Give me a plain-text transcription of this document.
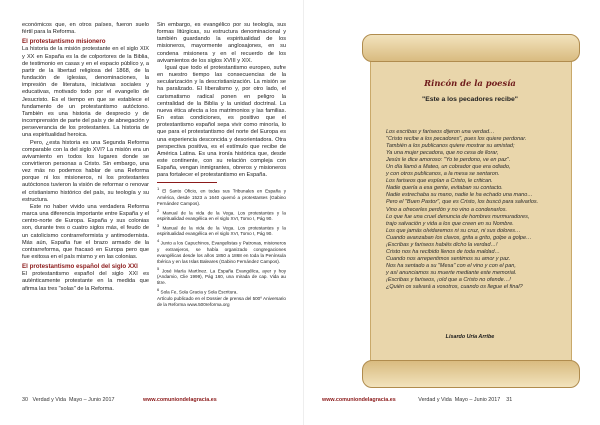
económicos que, en otros países, fueron suelo fértil para la Reforma.

El protestantismo misionero

La historia de la misión protestante en el siglo XIX y XX en España es la de colportores de la Biblia, de testimonio en casas y en el espacio público y, a partir de la libertad religiosa del 1868, de la fundación de iglesias, denominaciones, la impresión de literatura, iniciativas sociales y educativas, motivado todo por el evangelio de Jesucristo. Es el tiempo en que se establece el fundamento de un protestantismo autóctono. También es una historia de desprecio y de incomprensión de parte del país y de abnegación y perseverancia de los protestantes. La historia de una espiritualidad heroica.

Pero, ¿esta historia es una Segunda Reforma comparable con la del siglo XVI? La misión era un avivamiento en todos los lugares donde se convirtieron personas a Cristo. Sin embargo, una vez más no podemos hablar de una Reforma porque ni los misioneros, ni los protestantes autóctonos tuvieron la visión de reformar o renovar el cristianismo histórico del país, su teología y su estructura.

Este no haber vivido una verdadera Reforma marca una diferencia importante entre España y el centro-norte de Europa. España y sus colonias son, durante tres o cuatro siglos más, el feudo de un catolicismo contrarreformista y antimodernista. Más aún, España fue el brazo armado de la contrarreforma, que fracasó en Europa pero que fue exitosa en el país mismo y en las colonias.

El protestantismo español del siglo XXI

El protestantismo español del siglo XXI es auténticamente protestante en la medida que afirma las tres "solas" de la Reforma.

Sin embargo, es evangélico por su teología, sus formas litúrgicas, su estructura denominacional y también guardando la espiritualidad de los misioneros, mayormente anglosajones, en su condena misionera y en el recuerdo de los avivamientos de los siglos XVIII y XIX.

Igual que todo el protestantismo europeo, sufre en nuestro tiempo las consecuencias de la secularización y la descristianización. La misión se ha paralizado. El liberalismo y, por otro lado, el carismatismo radical ponen en peligro la centralidad de la Biblia y la unidad doctrinal. La nueva ética afecta a los matrimonios y las familias. En estas condiciones, es positivo que el protestantismo español sepa vivir como minoría, lo que para el protestantismo del norte del Europa es una experiencia desconcida y desorientadora. Otra perspectiva positiva, es el estímulo que recibe de América Latina. Es una ironía histórica que, desde este continente, con su relación compleja con España, vengan inmigrantes, obreros y misioneros para fortalecer el protestantismo en España.

$^1$ El Santo Oficio, en todas sus Tribunales en España y América, desde 1523 a 1640 quemó a protestantes (Gabino Fernández Campos).

$^2$ Manual de la vida de la Vega. Los protestantes y la espiritualidad evangélica en el siglo XVI, Tomo I, Pág 90.

$^3$ Manual de la vida de la Vega. Los protestantes y la espiritualidad evangélica en el siglo XVI, Tomo I, Pág 90.

$^4$ Junto a los Capuchinos, Evangelistas y Patronas, misioneros y extranjeros, se había organizado congregaciones evangélicas desde los años 1850 a 1868 en toda la Península Ibérica y en las Islas Baleares (Gabino Fernández Campos).

$^5$ José María Martínez. La España Evangélica, ayer y hoy (Andamio, Clie 1999), Pág 160, una mirada de cap. Vida au titre.

$^6$ Sola Fe, Sola Gracia y Sola Escritura.

Artículo publicado en el Dossier de prensa del 500º Aniversario de la Reforma www.500reforma.org

30 Verdad y Vida Mayo – Junio 2017	www.comuniondelagracia.es
Rincón de la poesía
"Este a los pecadores recibe"
Los escribas y fariseos dijeron una verdad…
"Cristo recibe a los pecadores", pues los quiere perdonar.
También a los publicanos quiere mostrar su amistad;
Ya una mujer pecadora, que no cesa de llorar,
Jesús le dice amoroso: "Yo te perdono, ve en paz".
Un día llamó a Mateo, un cobrador que era odiado,
y con otros publicanos, a la mesa se sentaron.
Los fariseos que espían a Cristo, le critican.
Nadie quería a esa gente, evitaban su contacto.
Nadie estrechaba su mano, nadie le ha echado una mano…
Pero el "Buen Pastor", que es Cristo, los buscó para salvarlos.
Vino a ofrecerles perdón y no vino a condenarlos.
Lo que fue una cruel denuncia de hombres murmuradores,
trajo salvación y vida a los que creen en su Nombre.
Los que jamás olvidaremos ni su cruz, ni sus dolores…
Cuando avanzaban los clavos, grita a grito, golpe a golpe…
¡Escribas y fariseos habéis dicho la verdad…!
Cristo nos ha recibido llenos de toda maldad…
Cuando nos arrepentimos sentimos su amor y paz.
Nos ha sentado a su "Mesa" con el vino y con el pan,
y así anunciamos su muerte mediante este memorial.
¡Escribas y fariseos, ¡oíd que a Cristo no ofende…!
¿Quién os salvará a vosotros, cuando os llegue el final?
Lisardo Uría Arribe
www.comuniondelagracia.es	Verdad y Vida Mayo – Junio 2017 31
